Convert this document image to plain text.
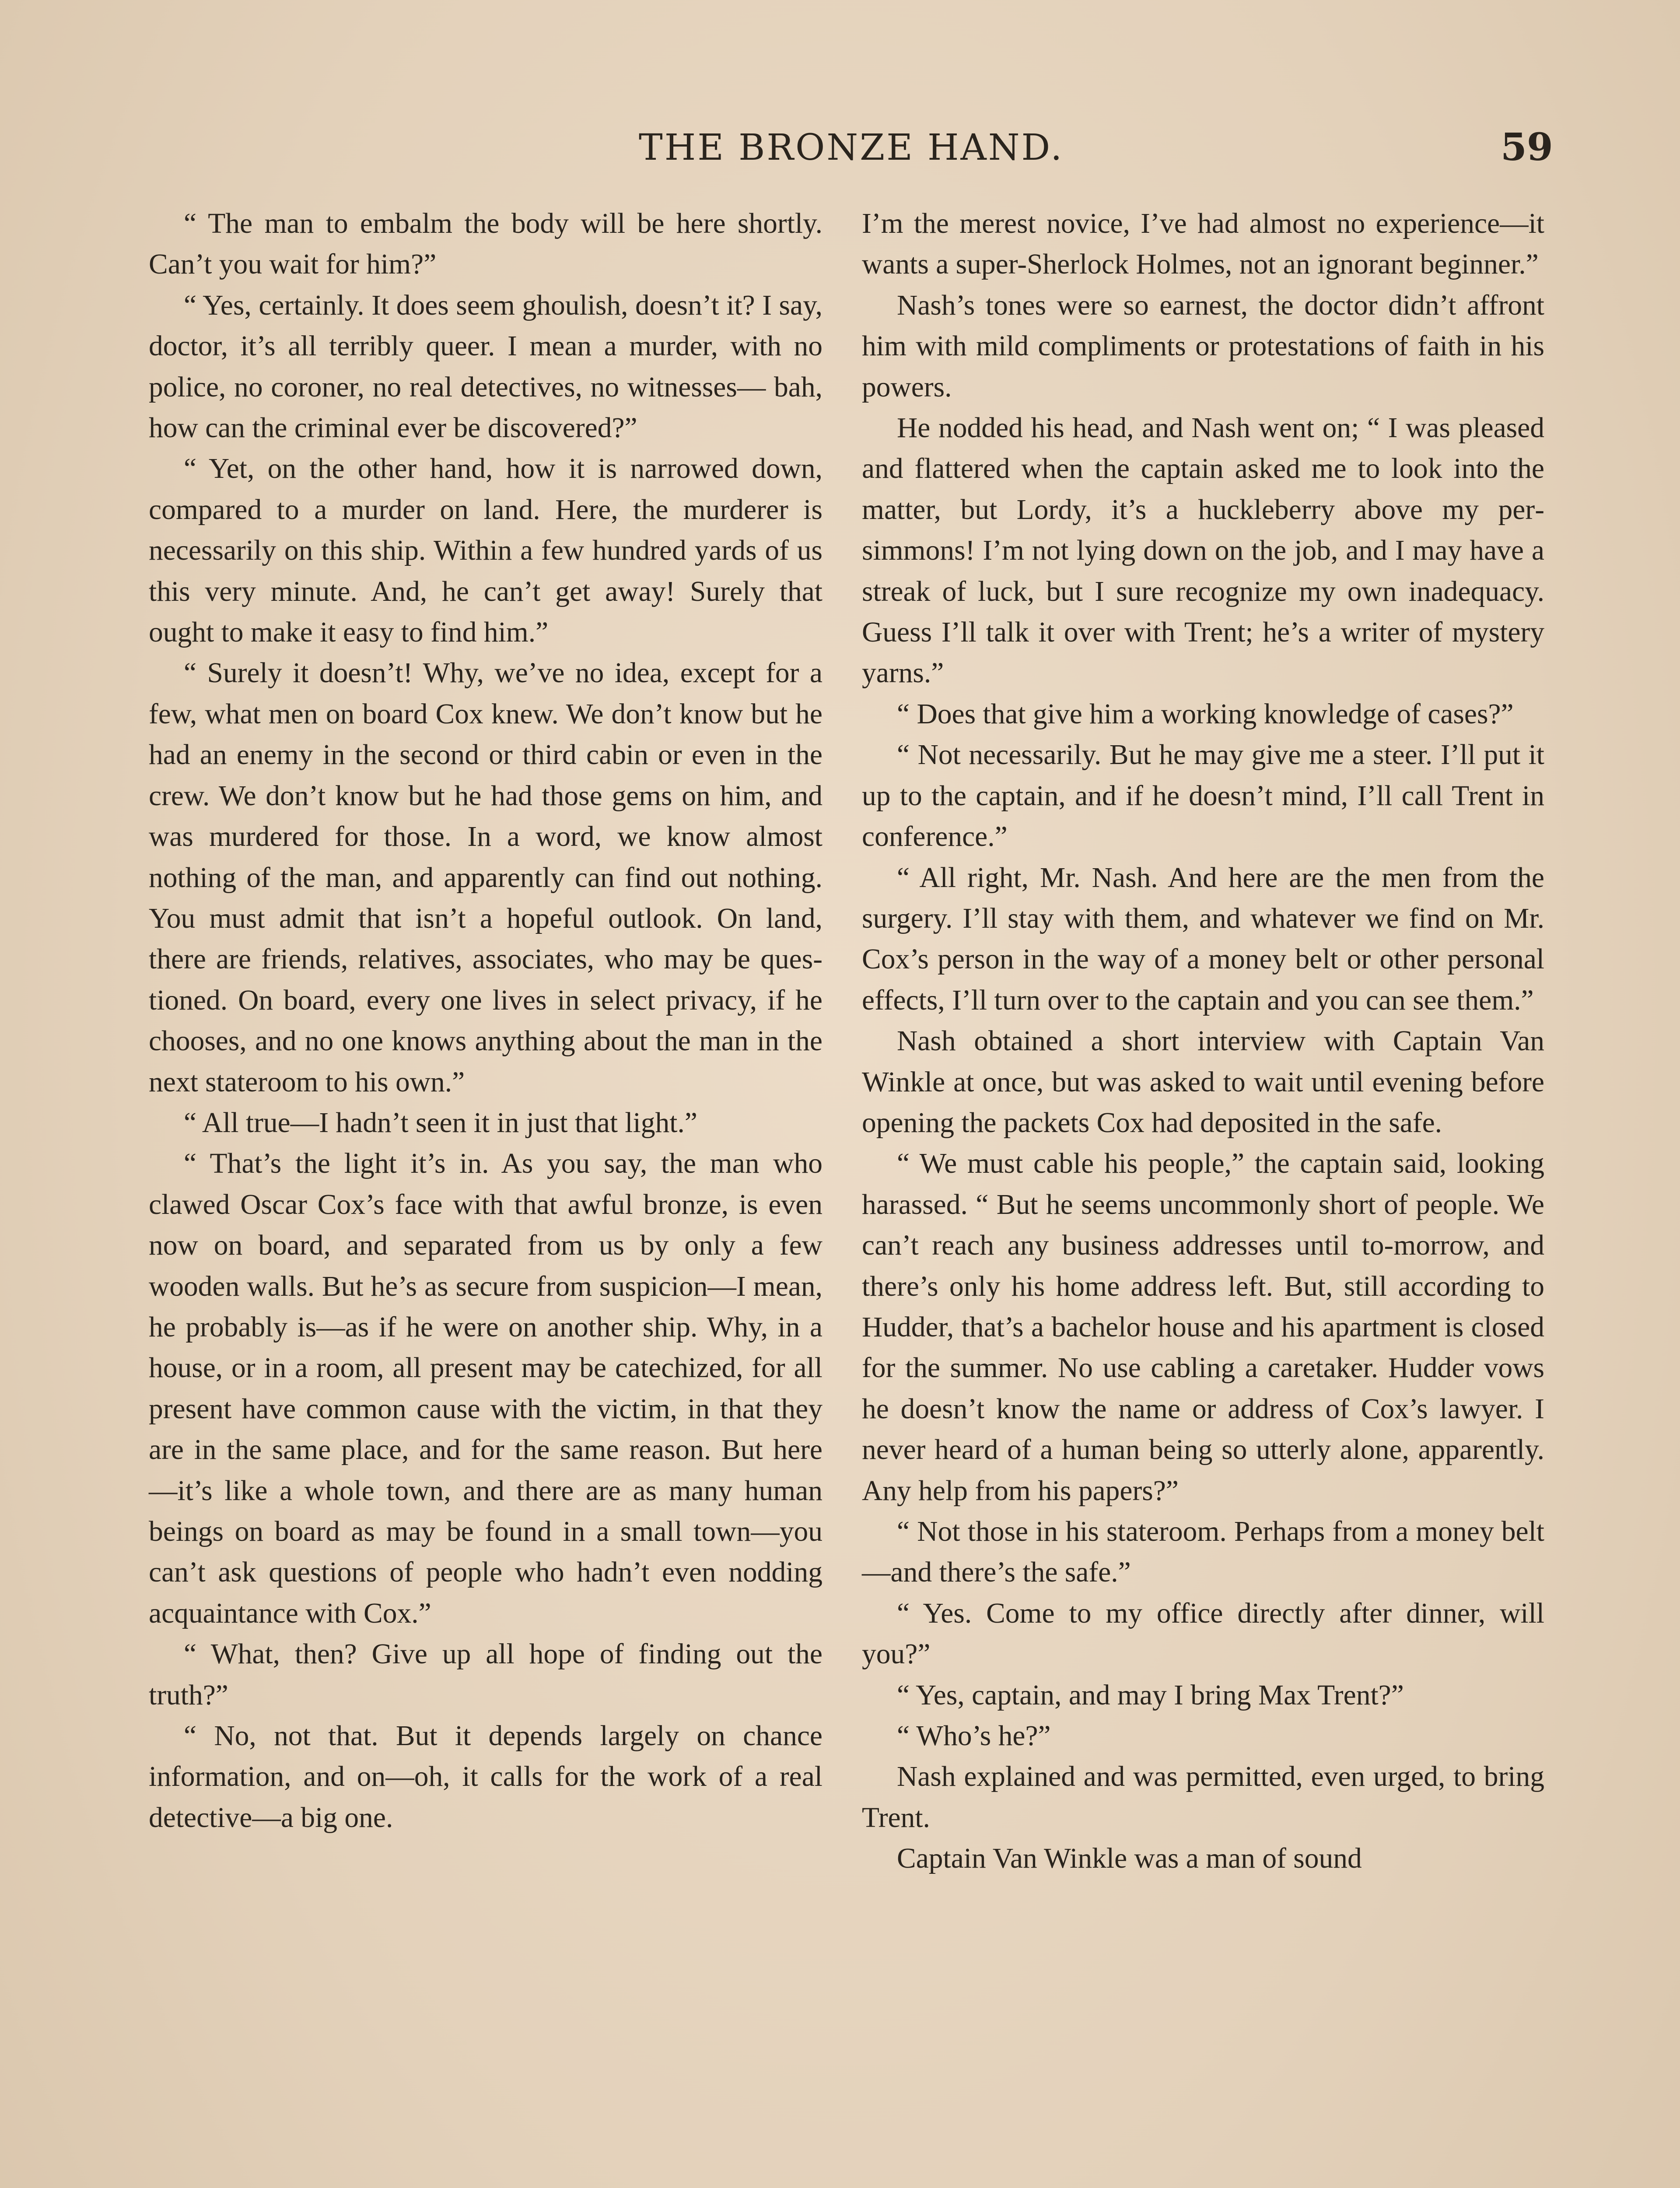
THE BRONZE HAND.	59

“ The man to embalm the body will be here shortly. Can’t you wait for him?”

“ Yes, certainly. It does seem ghoulish, doesn’t it? I say, doctor, it’s all terribly queer. I mean a murder, with no police, no coroner, no real detectives, no witnesses— bah, how can the criminal ever be discovered?”

“ Yet, on the other hand, how it is narrowed down, compared to a murder on land. Here, the murderer is necessarily on this ship. Within a few hundred yards of us this very minute. And, he can’t get away! Surely that ought to make it easy to find him.”

“ Surely it doesn’t! Why, we’ve no idea, except for a few, what men on board Cox knew. We don’t know but he had an enemy in the second or third cabin or even in the crew. We don’t know but he had those gems on him, and was murdered for those. In a word, we know almost nothing of the man, and apparently can find out nothing. You must admit that isn’t a hopeful outlook. On land, there are friends, relatives, associates, who may be questioned. On board, every one lives in select privacy, if he chooses, and no one knows anything about the man in the next stateroom to his own.”

“ All true—I hadn’t seen it in just that light.”

“ That’s the light it’s in. As you say, the man who clawed Oscar Cox’s face with that awful bronze, is even now on board, and separated from us by only a few wooden walls. But he’s as secure from suspicion—I mean, he probably is—as if he were on another ship. Why, in a house, or in a room, all present may be catechized, for all present have common cause with the victim, in that they are in the same place, and for the same reason. But here —it’s like a whole town, and there are as many human beings on board as may be found in a small town—you can’t ask questions of people who hadn’t even nodding acquaintance with Cox.”

“ What, then? Give up all hope of finding out the truth?”

“ No, not that. But it depends largely on chance information, and on—oh, it calls for the work of a real detective—a big one.

I’m the merest novice, I’ve had almost no experience—it wants a super-Sherlock Holmes, not an ignorant beginner.”

Nash’s tones were so earnest, the doctor didn’t affront him with mild compliments or protestations of faith in his powers.

He nodded his head, and Nash went on; “ I was pleased and flattered when the captain asked me to look into the matter, but Lordy, it’s a huckleberry above my persimmons! I’m not lying down on the job, and I may have a streak of luck, but I sure recognize my own inadequacy. Guess I’ll talk it over with Trent; he’s a writer of mystery yarns.”

“ Does that give him a working knowledge of cases?”

“ Not necessarily. But he may give me a steer. I’ll put it up to the captain, and if he doesn’t mind, I’ll call Trent in conference.”

“ All right, Mr. Nash. And here are the men from the surgery. I’ll stay with them, and whatever we find on Mr. Cox’s person in the way of a money belt or other personal effects, I’ll turn over to the captain and you can see them.”

Nash obtained a short interview with Captain Van Winkle at once, but was asked to wait until evening before opening the packets Cox had deposited in the safe.

“ We must cable his people,” the captain said, looking harassed. “ But he seems uncommonly short of people. We can’t reach any business addresses until to-morrow, and there’s only his home address left. But, still according to Hudder, that’s a bachelor house and his apartment is closed for the summer. No use cabling a caretaker. Hudder vows he doesn’t know the name or address of Cox’s lawyer. I never heard of a human being so utterly alone, apparently. Any help from his papers?”

“ Not those in his stateroom. Perhaps from a money belt—and there’s the safe.”

“ Yes. Come to my office directly after dinner, will you?”

“ Yes, captain, and may I bring Max Trent?”

“ Who’s he?”

Nash explained and was permitted, even urged, to bring Trent.

Captain Van Winkle was a man of sound
